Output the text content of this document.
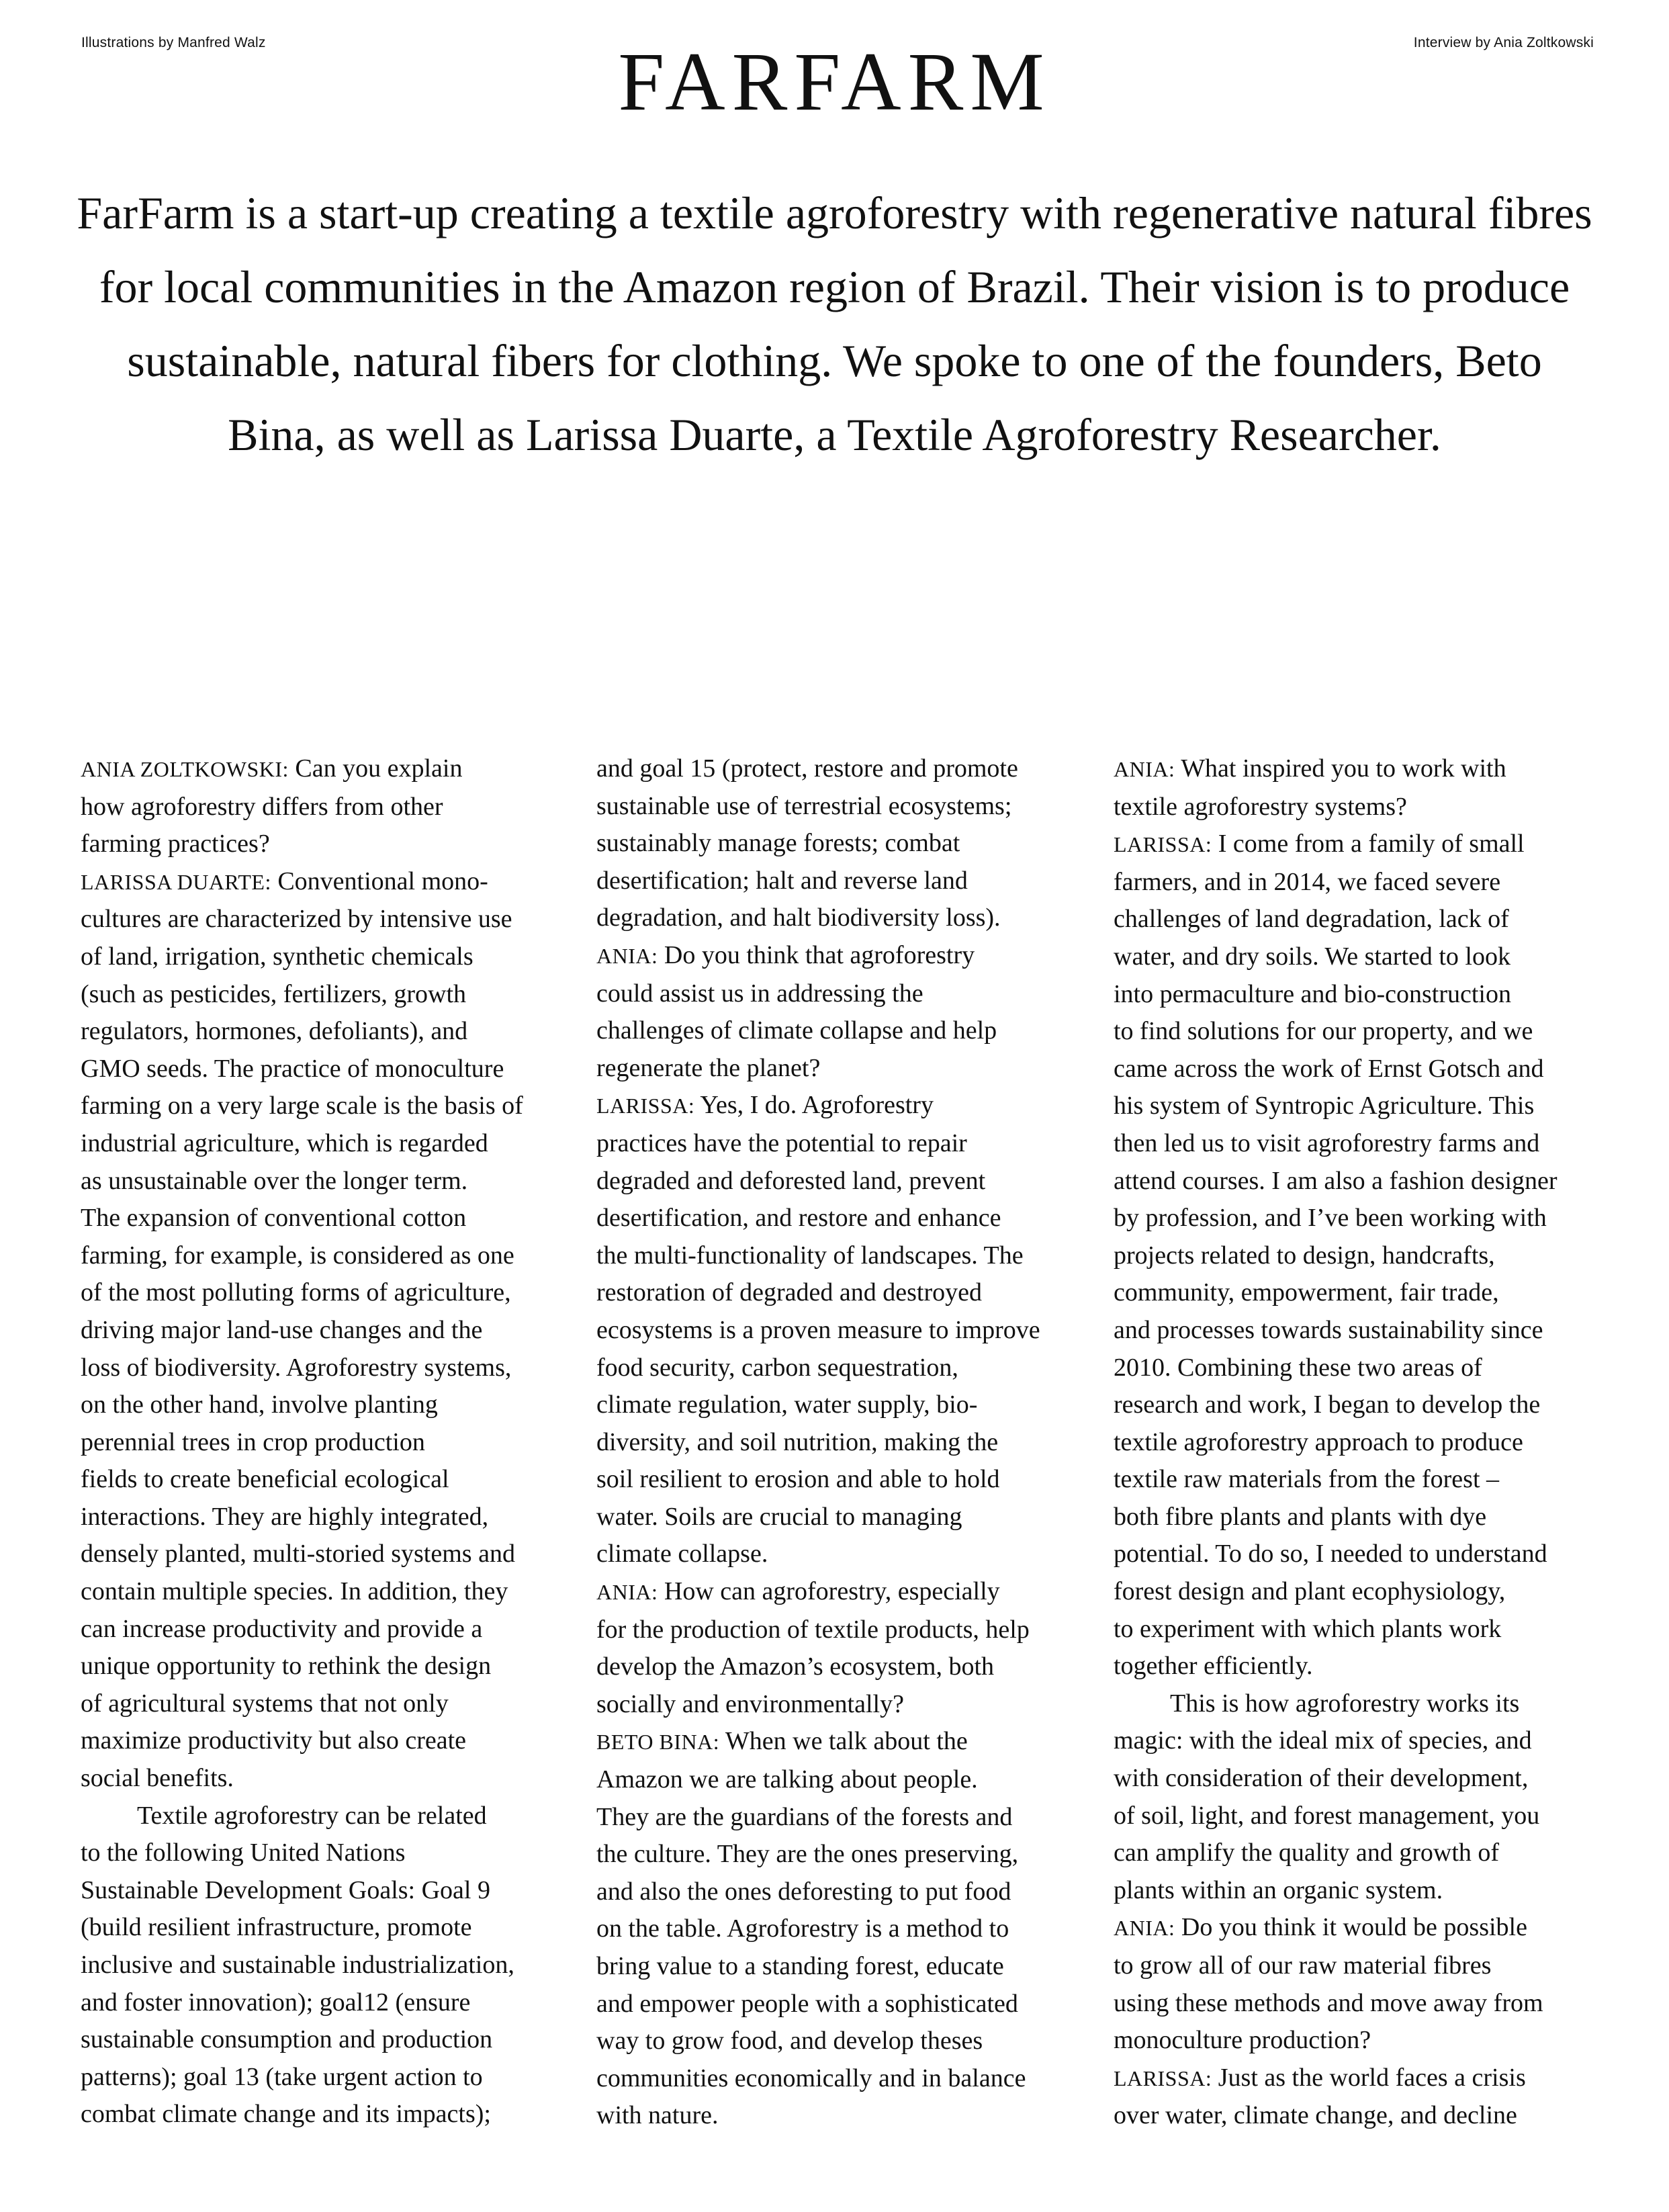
Illustrations by Manfred Walz	Interview by Ania Zoltkowski
FARFARM

FarFarm is a start-up creating a textile agroforestry with regenerative natural fibres
for local communities in the Amazon region of Brazil. Their vision is to produce
sustainable, natural fibers for clothing. We spoke to one of the founders, Beto
Bina, as well as Larissa Duarte, a Textile Agroforestry Researcher.

ANIA ZOLTKOWSKI: Can you explain
how agroforestry differs from other
farming practices?
LARISSA DUARTE: Conventional mono-
cultures are characterized by intensive use
of land, irrigation, synthetic chemicals
(such as pesticides, fertilizers, growth
regulators, hormones, defoliants), and
GMO seeds. The practice of monoculture
farming on a very large scale is the basis of
industrial agriculture, which is regarded
as unsustainable over the longer term.
The expansion of conventional cotton
farming, for example, is considered as one
of the most polluting forms of agriculture,
driving major land-use changes and the
loss of biodiversity. Agroforestry systems,
on the other hand, involve planting
perennial trees in crop production
fields to create beneficial ecological
interactions. They are highly integrated,
densely planted, multi-storied systems and
contain multiple species. In addition, they
can increase productivity and provide a
unique opportunity to rethink the design
of agricultural systems that not only
maximize productivity but also create
social benefits.
Textile agroforestry can be related
to the following United Nations
Sustainable Development Goals: Goal 9
(build resilient infrastructure, promote
inclusive and sustainable industrialization,
and foster innovation); goal12 (ensure
sustainable consumption and production
patterns); goal 13 (take urgent action to
combat climate change and its impacts);
and goal 15 (protect, restore and promote
sustainable use of terrestrial ecosystems;
sustainably manage forests; combat
desertification; halt and reverse land
degradation, and halt biodiversity loss).
ANIA: Do you think that agroforestry
could assist us in addressing the
challenges of climate collapse and help
regenerate the planet?
LARISSA: Yes, I do. Agroforestry
practices have the potential to repair
degraded and deforested land, prevent
desertification, and restore and enhance
the multi-functionality of landscapes. The
restoration of degraded and destroyed
ecosystems is a proven measure to improve
food security, carbon sequestration,
climate regulation, water supply, bio-
diversity, and soil nutrition, making the
soil resilient to erosion and able to hold
water. Soils are crucial to managing
climate collapse.
ANIA: How can agroforestry, especially
for the production of textile products, help
develop the Amazon’s ecosystem, both
socially and environmentally?
BETO BINA: When we talk about the
Amazon we are talking about people.
They are the guardians of the forests and
the culture. They are the ones preserving,
and also the ones deforesting to put food
on the table. Agroforestry is a method to
bring value to a standing forest, educate
and empower people with a sophisticated
way to grow food, and develop theses
communities economically and in balance
with nature.
ANIA: What inspired you to work with
textile agroforestry systems?
LARISSA: I come from a family of small
farmers, and in 2014, we faced severe
challenges of land degradation, lack of
water, and dry soils. We started to look
into permaculture and bio-construction
to find solutions for our property, and we
came across the work of Ernst Gotsch and
his system of Syntropic Agriculture. This
then led us to visit agroforestry farms and
attend courses. I am also a fashion designer
by profession, and I’ve been working with
projects related to design, handcrafts,
community, empowerment, fair trade,
and processes towards sustainability since
2010. Combining these two areas of
research and work, I began to develop the
textile agroforestry approach to produce
textile raw materials from the forest –
both fibre plants and plants with dye
potential. To do so, I needed to understand
forest design and plant ecophysiology,
to experiment with which plants work
together efficiently.
This is how agroforestry works its
magic: with the ideal mix of species, and
with consideration of their development,
of soil, light, and forest management, you
can amplify the quality and growth of
plants within an organic system.
ANIA: Do you think it would be possible
to grow all of our raw material fibres
using these methods and move away from
monoculture production?
LARISSA: Just as the world faces a crisis
over water, climate change, and decline
